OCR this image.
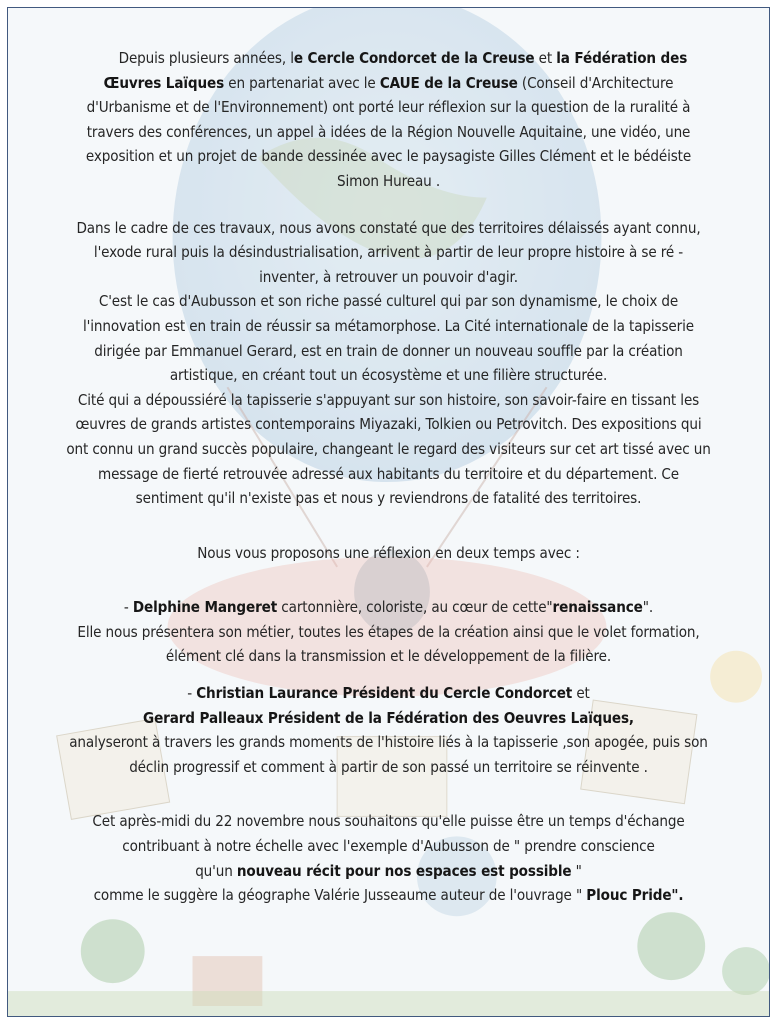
Depuis plusieurs années, le Cercle Condorcet de la Creuse et la Fédération des Œuvres Laïques en partenariat avec le CAUE de la Creuse (Conseil d'Architecture d'Urbanisme et de l'Environnement) ont porté leur réflexion sur la question de la ruralité à travers des conférences, un appel à idées de la Région Nouvelle Aquitaine, une vidéo, une exposition et un projet de bande dessinée avec le paysagiste Gilles Clément et le bédéiste Simon Hureau .

Dans le cadre de ces travaux, nous avons constaté que des territoires délaissés ayant connu, l'exode rural puis la désindustrialisation, arrivent à partir de leur propre histoire à se ré -inventer, à retrouver un pouvoir d'agir.

C'est le cas d'Aubusson et son riche passé culturel qui par son dynamisme, le choix de l'innovation est en train de réussir sa métamorphose. La Cité internationale de la tapisserie dirigée par Emmanuel Gerard, est en train de donner un nouveau souffle par la création artistique, en créant tout un écosystème et une filière structurée.

Cité qui a dépoussiéré la tapisserie s'appuyant sur son histoire, son savoir-faire en tissant les œuvres de grands artistes contemporains Miyazaki, Tolkien ou Petrovitch. Des expositions qui ont connu un grand succès populaire, changeant le regard des visiteurs sur cet art tissé avec un message de fierté retrouvée adressé aux habitants du territoire et du département. Ce sentiment qu'il n'existe pas et nous y reviendrons de fatalité des territoires.

Nous vous proposons une réflexion en deux temps avec :

- Delphine Mangeret cartonnière, coloriste, au cœur de cette"renaissance".
Elle nous présentera son métier, toutes les étapes de la création ainsi que le volet formation,
élément clé dans la transmission et le développement de la filière.

- Christian Laurance Président du Cercle Condorcet et
Gerard Palleaux Président de la Fédération des Oeuvres Laïques,
analyseront à travers les grands moments de l'histoire liés à la tapisserie ,son apogée, puis son déclin progressif et comment à partir de son passé un territoire se réinvente .

Cet après-midi du 22 novembre nous souhaitons qu'elle puisse être un temps d'échange
contribuant à notre échelle avec l'exemple d'Aubusson de " prendre conscience
qu'un nouveau récit pour nos espaces est possible "
comme le suggère la géographe Valérie Jusseaume auteur de l'ouvrage " Plouc Pride".
